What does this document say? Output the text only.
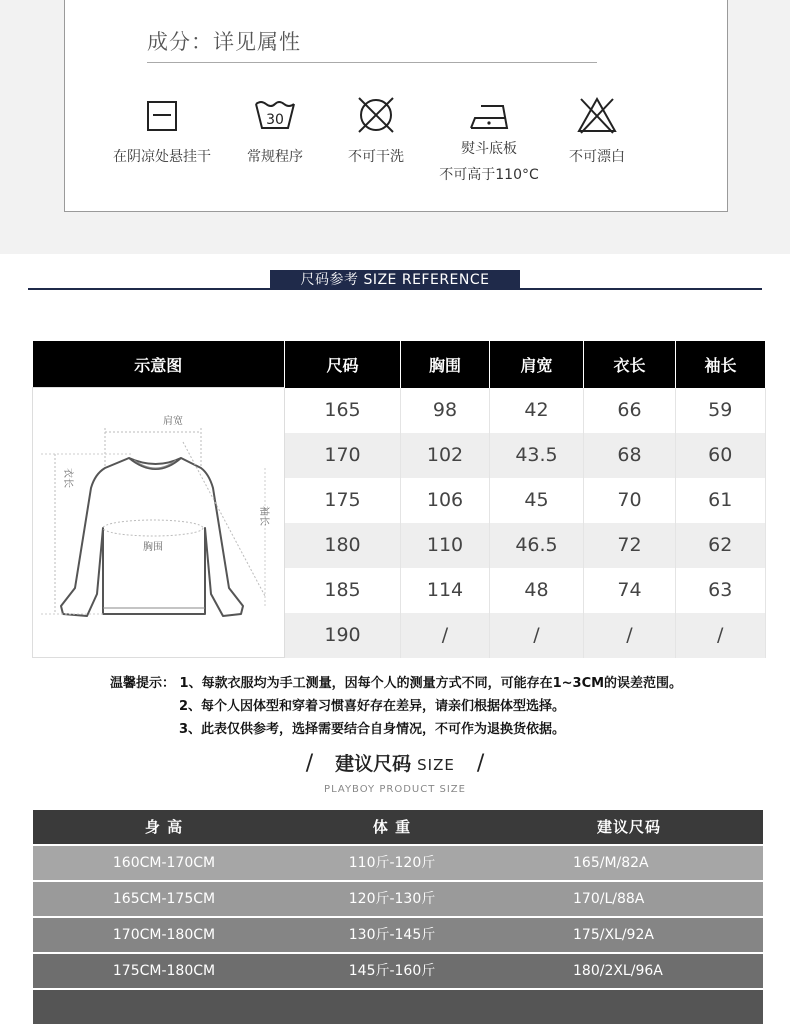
成分：详见属性
在阴凉处悬挂干
30
常规程序	不可干洗	熨斗底板
不可高于110°C
不可漂白
尺码参考 SIZE REFERENCE
示意图	尺码	胸围	肩宽	衣长	袖长

肩宽
衣长
胸围
袖长	165	98	42	66	59
	170	102	43.5	68	60
	175	106	45	70	61
	180	110	46.5	72	62
	185	114	48	74	63
	190	/	/	/	/
温馨提示： 1、每款衣服均为手工测量，因每个人的测量方式不同，可能存在1~3CM的误差范围。
2、每个人因体型和穿着习惯喜好存在差异，请亲们根据体型选择。
3、此表仅供参考，选择需要结合自身情况，不可作为退换货依据。
/ 建议尺码 SIZE /
PLAYBOY PRODUCT SIZE
身 高	体 重	建议尺码
160CM-170CM	110斤-120斤	165/M/82A
165CM-175CM	120斤-130斤	170/L/88A
170CM-180CM	130斤-145斤	175/XL/92A
175CM-180CM	145斤-160斤	180/2XL/96A
